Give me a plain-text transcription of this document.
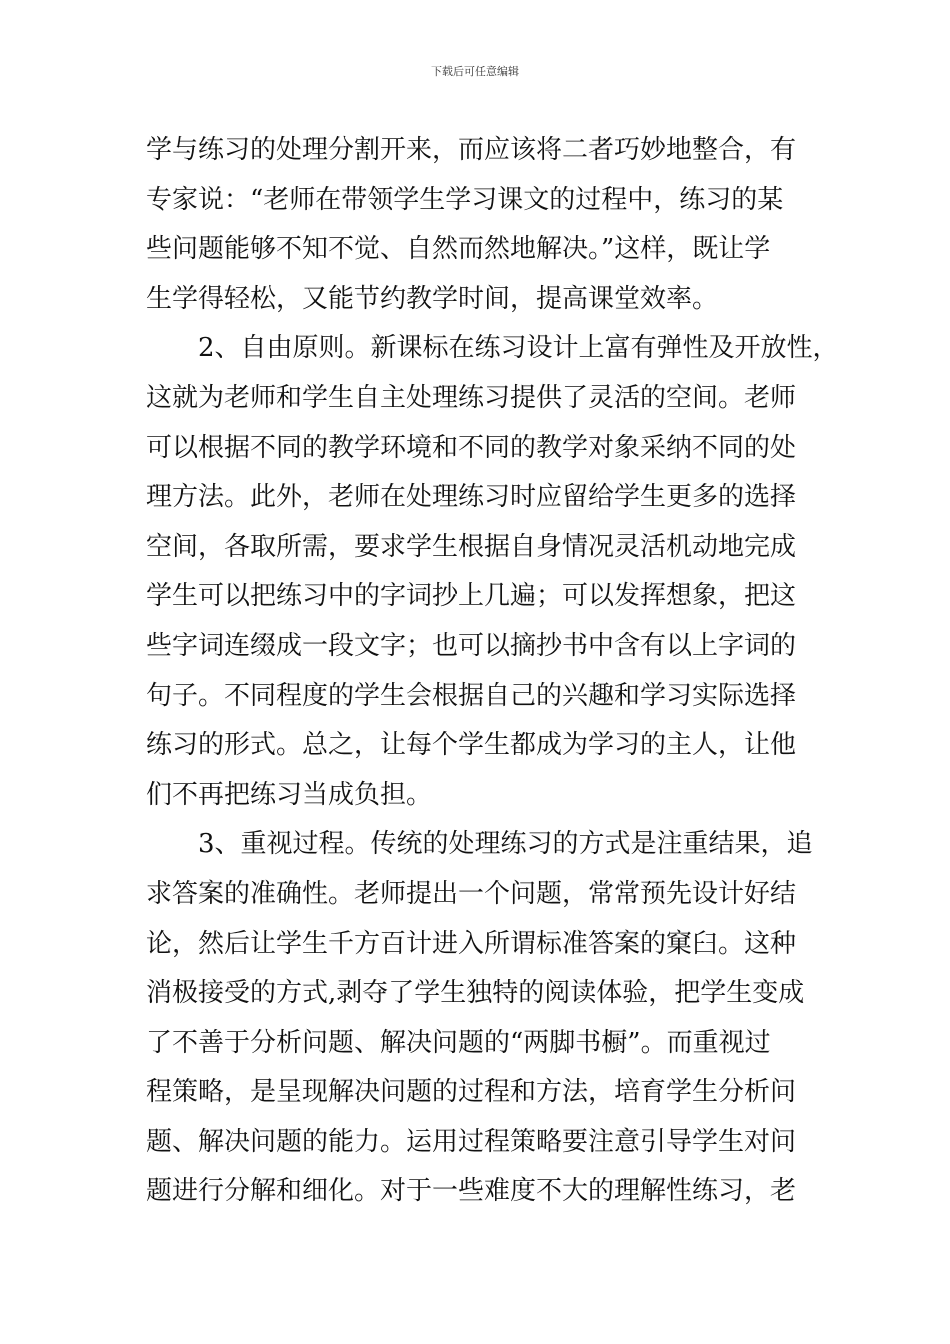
下载后可任意编辑
学与练习的处理分割开来，而应该将二者巧妙地整合，有
专家说：“老师在带领学生学习课文的过程中，练习的某
些问题能够不知不觉、自然而然地解决。”这样，既让学
生学得轻松，又能节约教学时间，提高课堂效率。
2、自由原则。新课标在练习设计上富有弹性及开放性，
这就为老师和学生自主处理练习提供了灵活的空间。老师
可以根据不同的教学环境和不同的教学对象采纳不同的处
理方法。此外，老师在处理练习时应留给学生更多的选择
空间，各取所需，要求学生根据自身情况灵活机动地完成
学生可以把练习中的字词抄上几遍；可以发挥想象，把这
些字词连缀成一段文字；也可以摘抄书中含有以上字词的
句子。不同程度的学生会根据自己的兴趣和学习实际选择
练习的形式。总之，让每个学生都成为学习的主人，让他
们不再把练习当成负担。
3、重视过程。传统的处理练习的方式是注重结果，追
求答案的准确性。老师提出一个问题，常常预先设计好结
论，然后让学生千方百计进入所谓标准答案的窠臼。这种
消极接受的方式,剥夺了学生独特的阅读体验，把学生变成
了不善于分析问题、解决问题的“两脚书橱”。而重视过
程策略，是呈现解决问题的过程和方法，培育学生分析问
题、解决问题的能力。运用过程策略要注意引导学生对问
题进行分解和细化。对于一些难度不大的理解性练习，老
